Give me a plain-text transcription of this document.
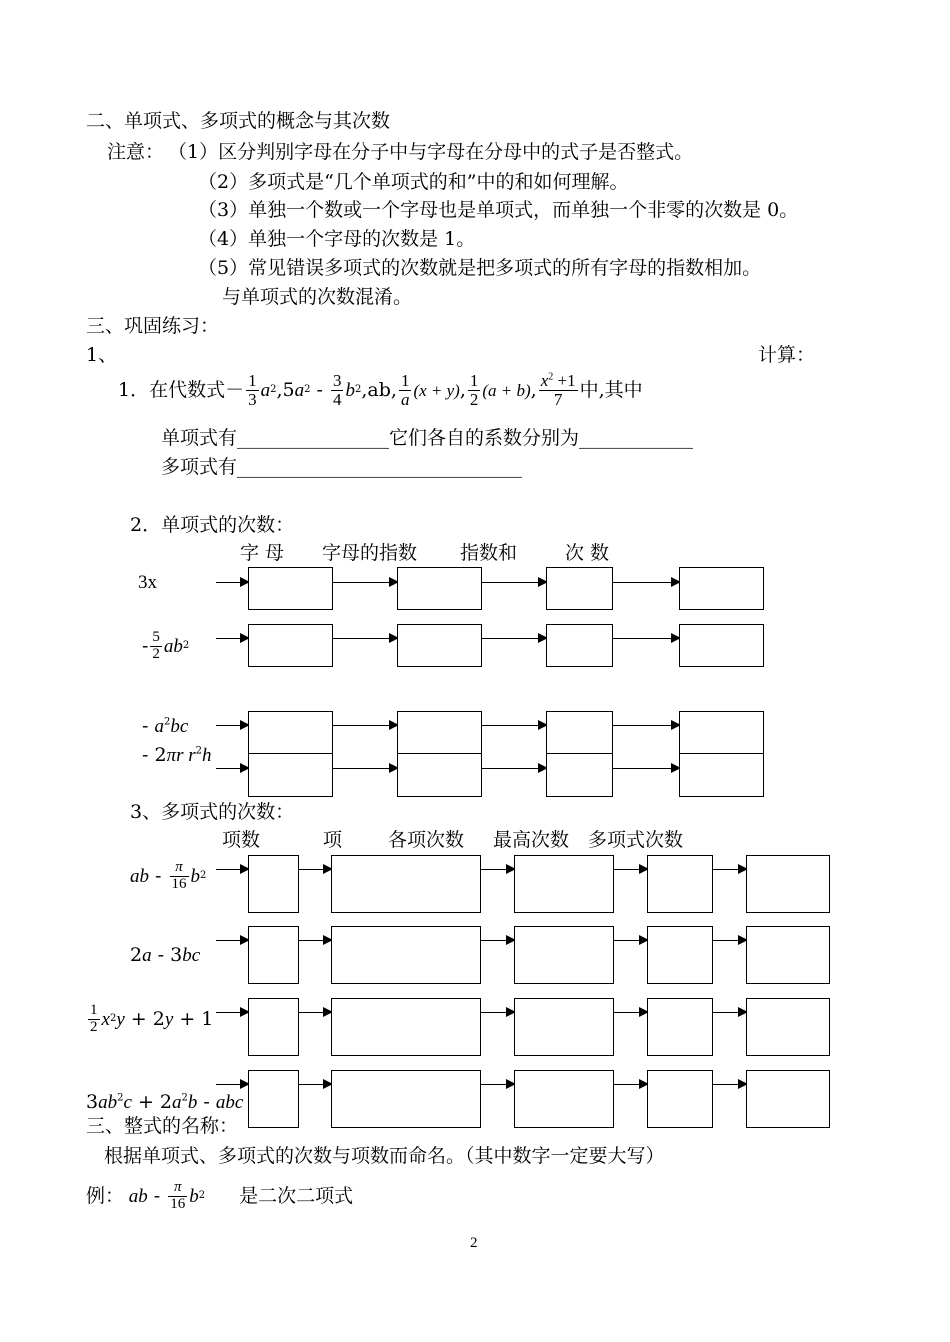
二、单项式、多项式的概念与其次数
注意： （1）区分判别字母在分子中与字母在分母中的式子是否整式。
（2）多项式是“几个单项式的和”中的和如何理解。
（3）单独一个数或一个字母也是单项式，而单独一个非零的次数是 0。
（4）单独一个字母的次数是 1。
（5）常见错误多项式的次数就是把多项式的所有字母的指数相加。
与单项式的次数混淆。
三、巩固练习：
1、	计算：
1．在代数式－ $\frac{1}{3}$ a 2 ,5 a $2 - \frac{3}{4}$ b 2 ,ab, $\frac{1}{a} (x + y)$ , $\frac{1}{2} (a + b)$ , $\frac{x^2 +1}{7}$ 中,其中
单项式有________________它们各自的系数分别为____________
多项式有______________________________
2．单项式的次数：
字 母 字母的指数 指数和	次 数
3x
- $\frac{5}{2}$ ab 2
- $a^2bc$
- 2πr $r^2h$
3、多项式的次数：
项数	项 各项次数 最高次数 多项式次数
ab - $\frac{\pi}{16}$ b 2
2a - 3bc
$\frac{1}{2}$ x 2 y + 2 y + 1
$3ab^2c + 2a^2b$ - abc
三、整式的名称：
根据单项式、多项式的次数与项数而命名。（其中数字一定要大写）
例： ab - $\frac{\pi}{16}$ b 2 是二次二项式
2
